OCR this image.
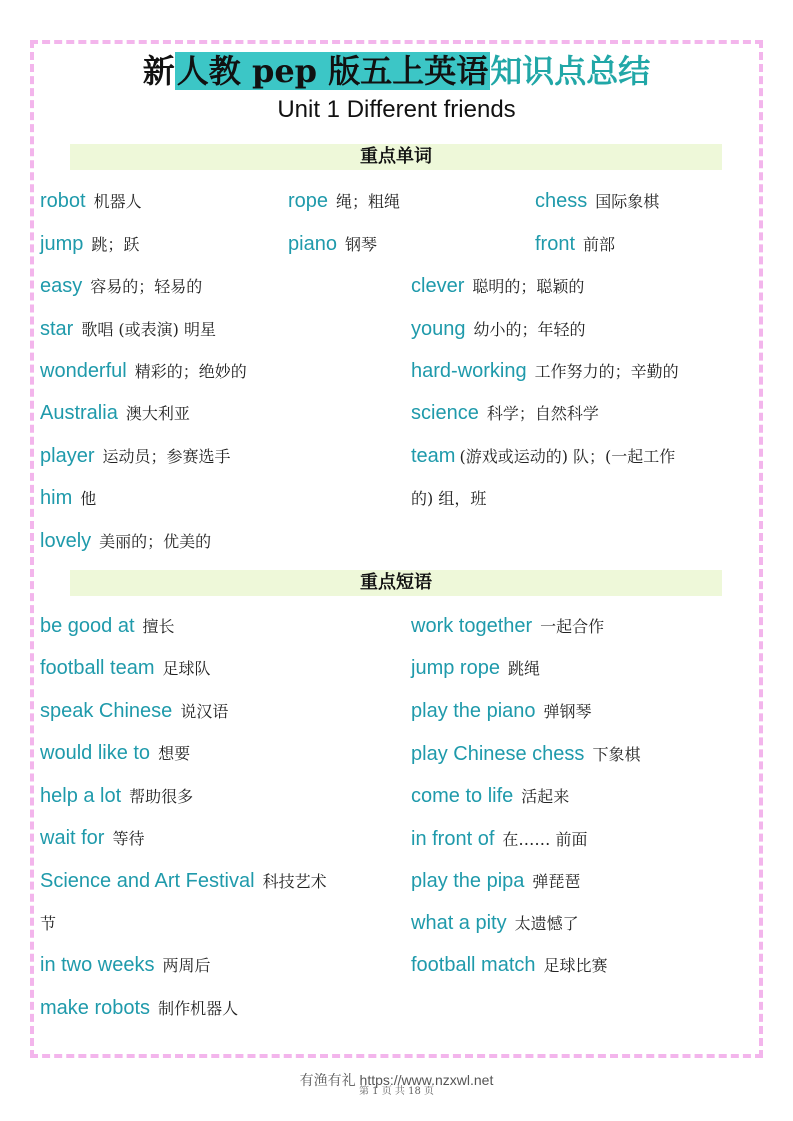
新人教 pep 版五上英语知识点总结
Unit 1 Different friends
重点单词
robot 机器人	rope 绳；粗绳	chess 国际象棋
jump 跳；跃	piano 钢琴	front 前部
easy 容易的；轻易的	clever 聪明的；聪颖的
star 歌唱 (或表演) 明星	young 幼小的；年轻的
wonderful 精彩的；绝妙的	hard-working 工作努力的；辛勤的
Australia 澳大利亚	science 科学；自然科学
player 运动员；参赛选手	team (游戏或运动的) 队；(一起工作
him 他	的) 组，班
lovely 美丽的；优美的
重点短语
be good at 擅长	work together 一起合作
football team 足球队	jump rope 跳绳
speak Chinese 说汉语	play the piano 弹钢琴
would like to 想要	play Chinese chess 下象棋
help a lot 帮助很多	come to life 活起来
wait for 等待	in front of 在…… 前面
Science and Art Festival 科技艺术	play the pipa 弹琵琶
节	what a pity 太遗憾了
in two weeks 两周后	football match 足球比赛
make robots 制作机器人
有渔有礼 https://www.nzxwl.net
第 1 页 共 18 页
